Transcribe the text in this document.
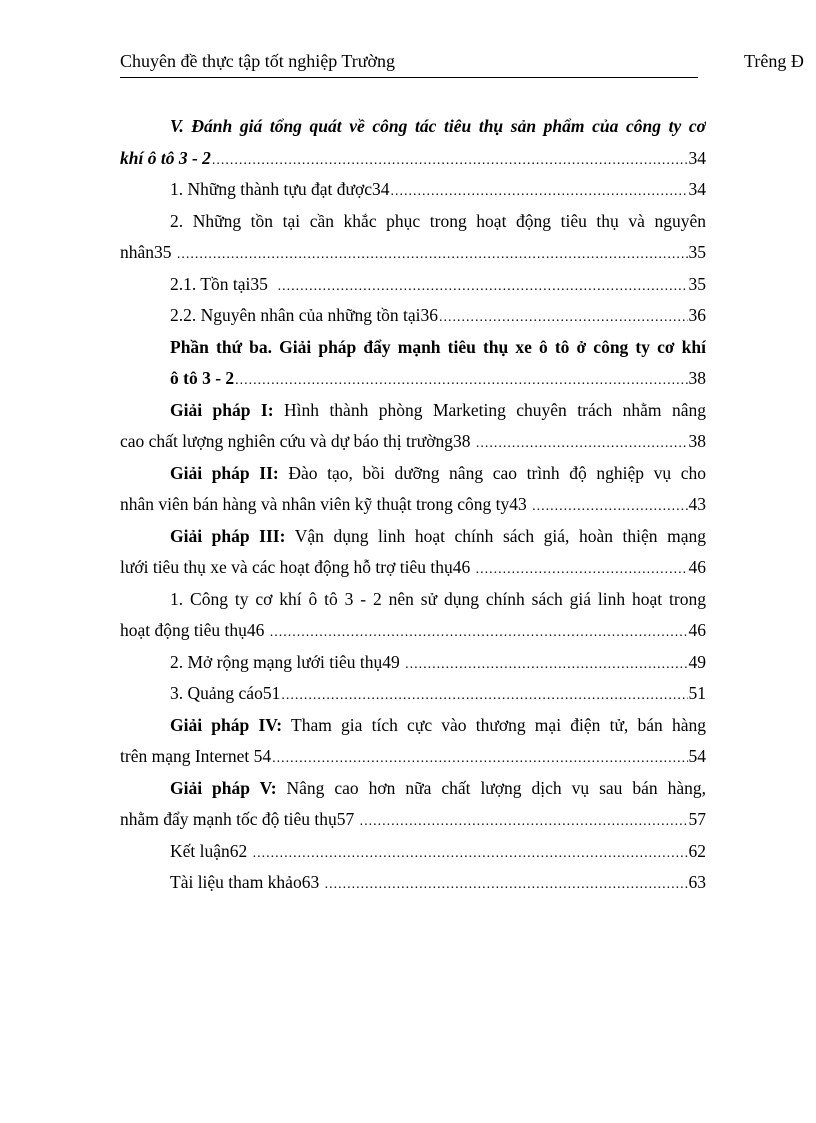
Chuyên đề thực tập tốt nghiệp Trường	Trêng Đ
V. Đánh giá tổng quát về công tác tiêu thụ sản phẩm của công ty cơ
khí ô tô 3 - 2 .....	34
1. Những thành tựu đạt được34 .....	34
2. Những tồn tại cần khắc phục trong hoạt động tiêu thụ và nguyên
nhân35 .....	35
2.1. Tồn tại35 .....	35
2.2. Nguyên nhân của những tồn tại36 .....	36
Phần thứ ba. Giải pháp đẩy mạnh tiêu thụ xe ô tô ở công ty cơ khí
ô tô 3 - 2 .....	38
Giải pháp I: Hình thành phòng Marketing chuyên trách nhằm nâng
cao chất lượng nghiên cứu và dự báo thị trường38 .....	38
Giải pháp II: Đào tạo, bồi dưỡng nâng cao trình độ nghiệp vụ cho
nhân viên bán hàng và nhân viên kỹ thuật trong công ty43 .....	43
Giải pháp III: Vận dụng linh hoạt chính sách giá, hoàn thiện mạng
lưới tiêu thụ xe và các hoạt động hỗ trợ tiêu thụ46 .....	46
1. Công ty cơ khí ô tô 3 - 2 nên sử dụng chính sách giá linh hoạt trong
hoạt động tiêu thụ46 .....	46
2. Mở rộng mạng lưới tiêu thụ49 .....	49
3. Quảng cáo51 .....	51
Giải pháp IV: Tham gia tích cực vào thương mại điện tử, bán hàng
trên mạng Internet 54 .....	54
Giải pháp V: Nâng cao hơn nữa chất lượng dịch vụ sau bán hàng,
nhằm đẩy mạnh tốc độ tiêu thụ57 .....	57
Kết luận62 .....	62
Tài liệu tham khảo63 .....	63
